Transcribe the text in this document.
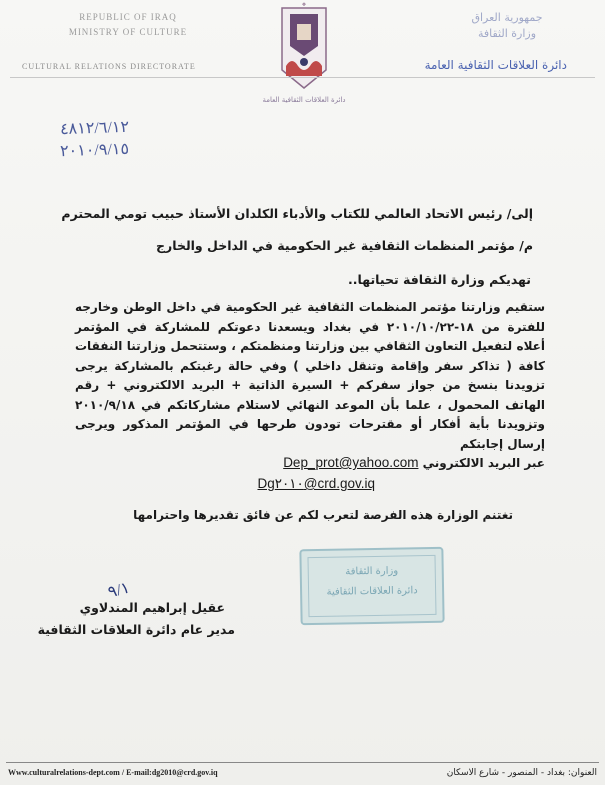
REPUBLIC OF IRAQ
MINISTRY OF CULTURE
CULTURAL RELATIONS DIRECTORATE
جمهورية العراق
وزارة الثقافة
دائرة العلاقات الثقافية العامة
❖
دائرة العلاقات الثقافية العامة
٤٨١٢/٦/١٢
٢٠١٠/٩/١٥
إلى/ رئيس الاتحاد العالمي للكتاب والأدباء الكلدان الأستاذ حبيب تومي المحترم
م/ مؤتمر المنظمات الثقافية غير الحكومية في الداخل والخارج
تهديكم وزارة الثقافة تحياتها..
ستقيم وزارتنا مؤتمر المنظمات الثقافية غير الحكومية في داخل الوطن وخارجه للفترة من ١٨-٢٠١٠/١٠/٢٢ في بغداد ويسعدنا دعوتكم للمشاركة في المؤتمر أعلاه لتفعيل التعاون الثقافي بين وزارتنا ومنظمتكم ، وستتحمل وزارتنا النفقات كافة ( تذاكر سفر وإقامة وتنقل داخلي ) وفي حالة رغبتكم بالمشاركة يرجى تزويدنا بنسخ من جواز سفركم + السيرة الذاتية + البريد الالكتروني + رقم الهاتف المحمول ، علما بأن الموعد النهائي لاستلام مشاركاتكم في ٢٠١٠/٩/١٨ وتزويدنا بأية أفكار أو مقترحات تودون طرحها في المؤتمر المذكور ويرجى إرسال إجابتكم
عبر البريد الالكتروني Dep_prot@yahoo.com
Dg٢٠١٠@crd.gov.iq
تغتنم الوزارة هذه الفرصة لتعرب لكم عن فائق تقديرها واحترامها
وزارة الثقافة
دائرة العلاقات الثقافية
٩/١
عقيل إبراهيم المندلاوي
مدير عام دائرة العلاقات الثقافية
Www.culturalrelations-dept.com / E-mail:dg2010@crd.gov.iq	العنوان: بغداد - المنصور - شارع الاسكان
